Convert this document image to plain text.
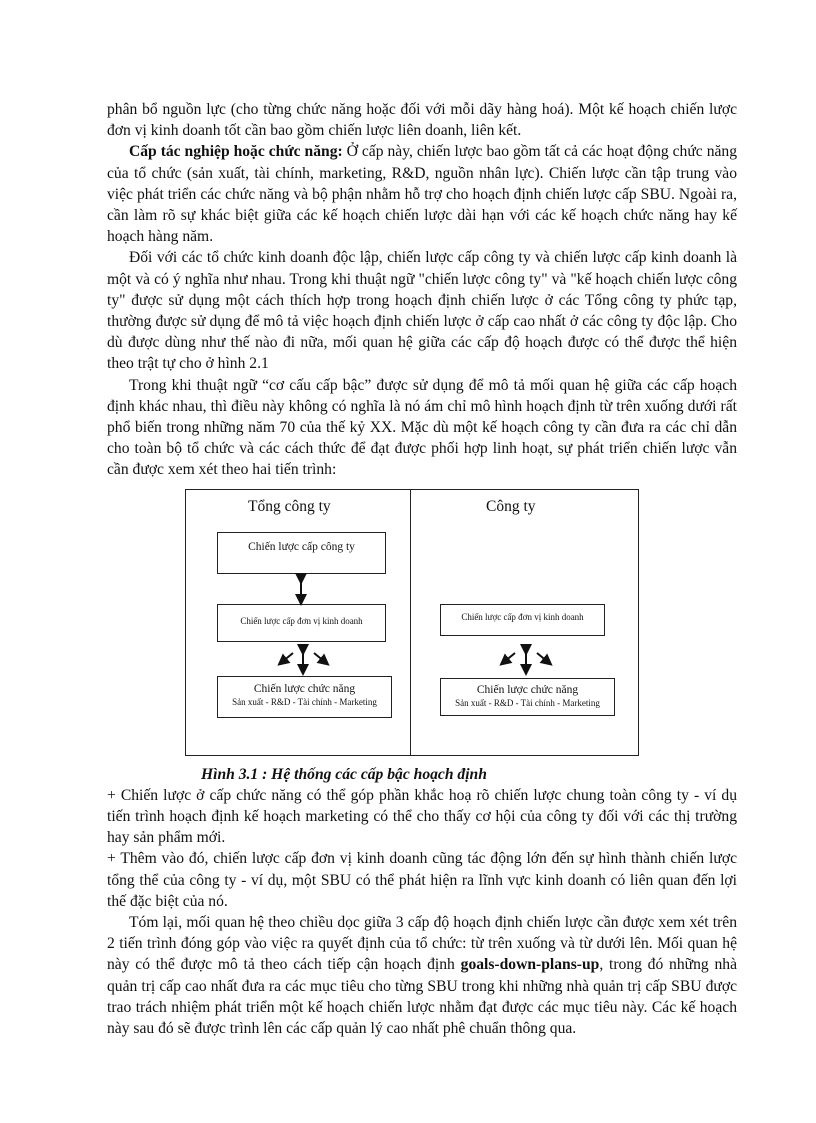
phân bổ nguồn lực (cho từng chức năng hoặc đối với mỗi dãy hàng hoá). Một kế hoạch chiến lược đơn vị kinh doanh tốt cần bao gồm chiến lược liên doanh, liên kết.

Cấp tác nghiệp hoặc chức năng: Ở cấp này, chiến lược bao gồm tất cả các hoạt động chức năng của tổ chức (sản xuất, tài chính, marketing, R&D, nguồn nhân lực). Chiến lược cần tập trung vào việc phát triển các chức năng và bộ phận nhằm hỗ trợ cho hoạch định chiến lược cấp SBU. Ngoài ra, cần làm rõ sự khác biệt giữa các kế hoạch chiến lược dài hạn với các kế hoạch chức năng hay kế hoạch hàng năm.

Đối với các tổ chức kinh doanh độc lập, chiến lược cấp công ty và chiến lược cấp kinh doanh là một và có ý nghĩa như nhau. Trong khi thuật ngữ "chiến lược công ty" và "kế hoạch chiến lược công ty" được sử dụng một cách thích hợp trong hoạch định chiến lược ở các Tổng công ty phức tạp, thường được sử dụng để mô tả việc hoạch định chiến lược ở cấp cao nhất ở các công ty độc lập. Cho dù được dùng như thế nào đi nữa, mối quan hệ giữa các cấp độ hoạch được có thể được thể hiện theo trật tự cho ở hình 2.1

Trong khi thuật ngữ “cơ cấu cấp bậc” được sử dụng để mô tả mối quan hệ giữa các cấp hoạch định khác nhau, thì điều này không có nghĩa là nó ám chỉ mô hình hoạch định từ trên xuống dưới rất phổ biến trong những năm 70 của thế kỷ XX. Mặc dù một kế hoạch công ty cần đưa ra các chỉ dẫn cho toàn bộ tổ chức và các cách thức để đạt được phối hợp linh hoạt, sự phát triển chiến lược vẫn cần được xem xét theo hai tiến trình:

Tổng công ty	Công ty
Chiến lược cấp công ty
Chiến lược cấp đơn vị kinh doanh	Chiến lược cấp đơn vị kinh doanh
Chiến lược chức năng
Sản xuất - R&D - Tài chính - Marketing
Chiến lược chức năng
Sản xuất - R&D - Tài chính - Marketing
Hình 3.1 : Hệ thống các cấp bậc hoạch định

+ Chiến lược ở cấp chức năng có thể góp phần khắc hoạ rõ chiến lược chung toàn công ty - ví dụ tiến trình hoạch định kế hoạch marketing có thể cho thấy cơ hội của công ty đối với các thị trường hay sản phẩm mới.

+ Thêm vào đó, chiến lược cấp đơn vị kinh doanh cũng tác động lớn đến sự hình thành chiến lược tổng thể của công ty - ví dụ, một SBU có thể phát hiện ra lĩnh vực kinh doanh có liên quan đến lợi thế đặc biệt của nó.

Tóm lại, mối quan hệ theo chiều dọc giữa 3 cấp độ hoạch định chiến lược cần được xem xét trên 2 tiến trình đóng góp vào việc ra quyết định của tổ chức: từ trên xuống và từ dưới lên. Mối quan hệ này có thể được mô tả theo cách tiếp cận hoạch định goals-down-plans-up, trong đó những nhà quản trị cấp cao nhất đưa ra các mục tiêu cho từng SBU trong khi những nhà quản trị cấp SBU được trao trách nhiệm phát triển một kế hoạch chiến lược nhằm đạt được các mục tiêu này. Các kế hoạch này sau đó sẽ được trình lên các cấp quản lý cao nhất phê chuẩn thông qua.
